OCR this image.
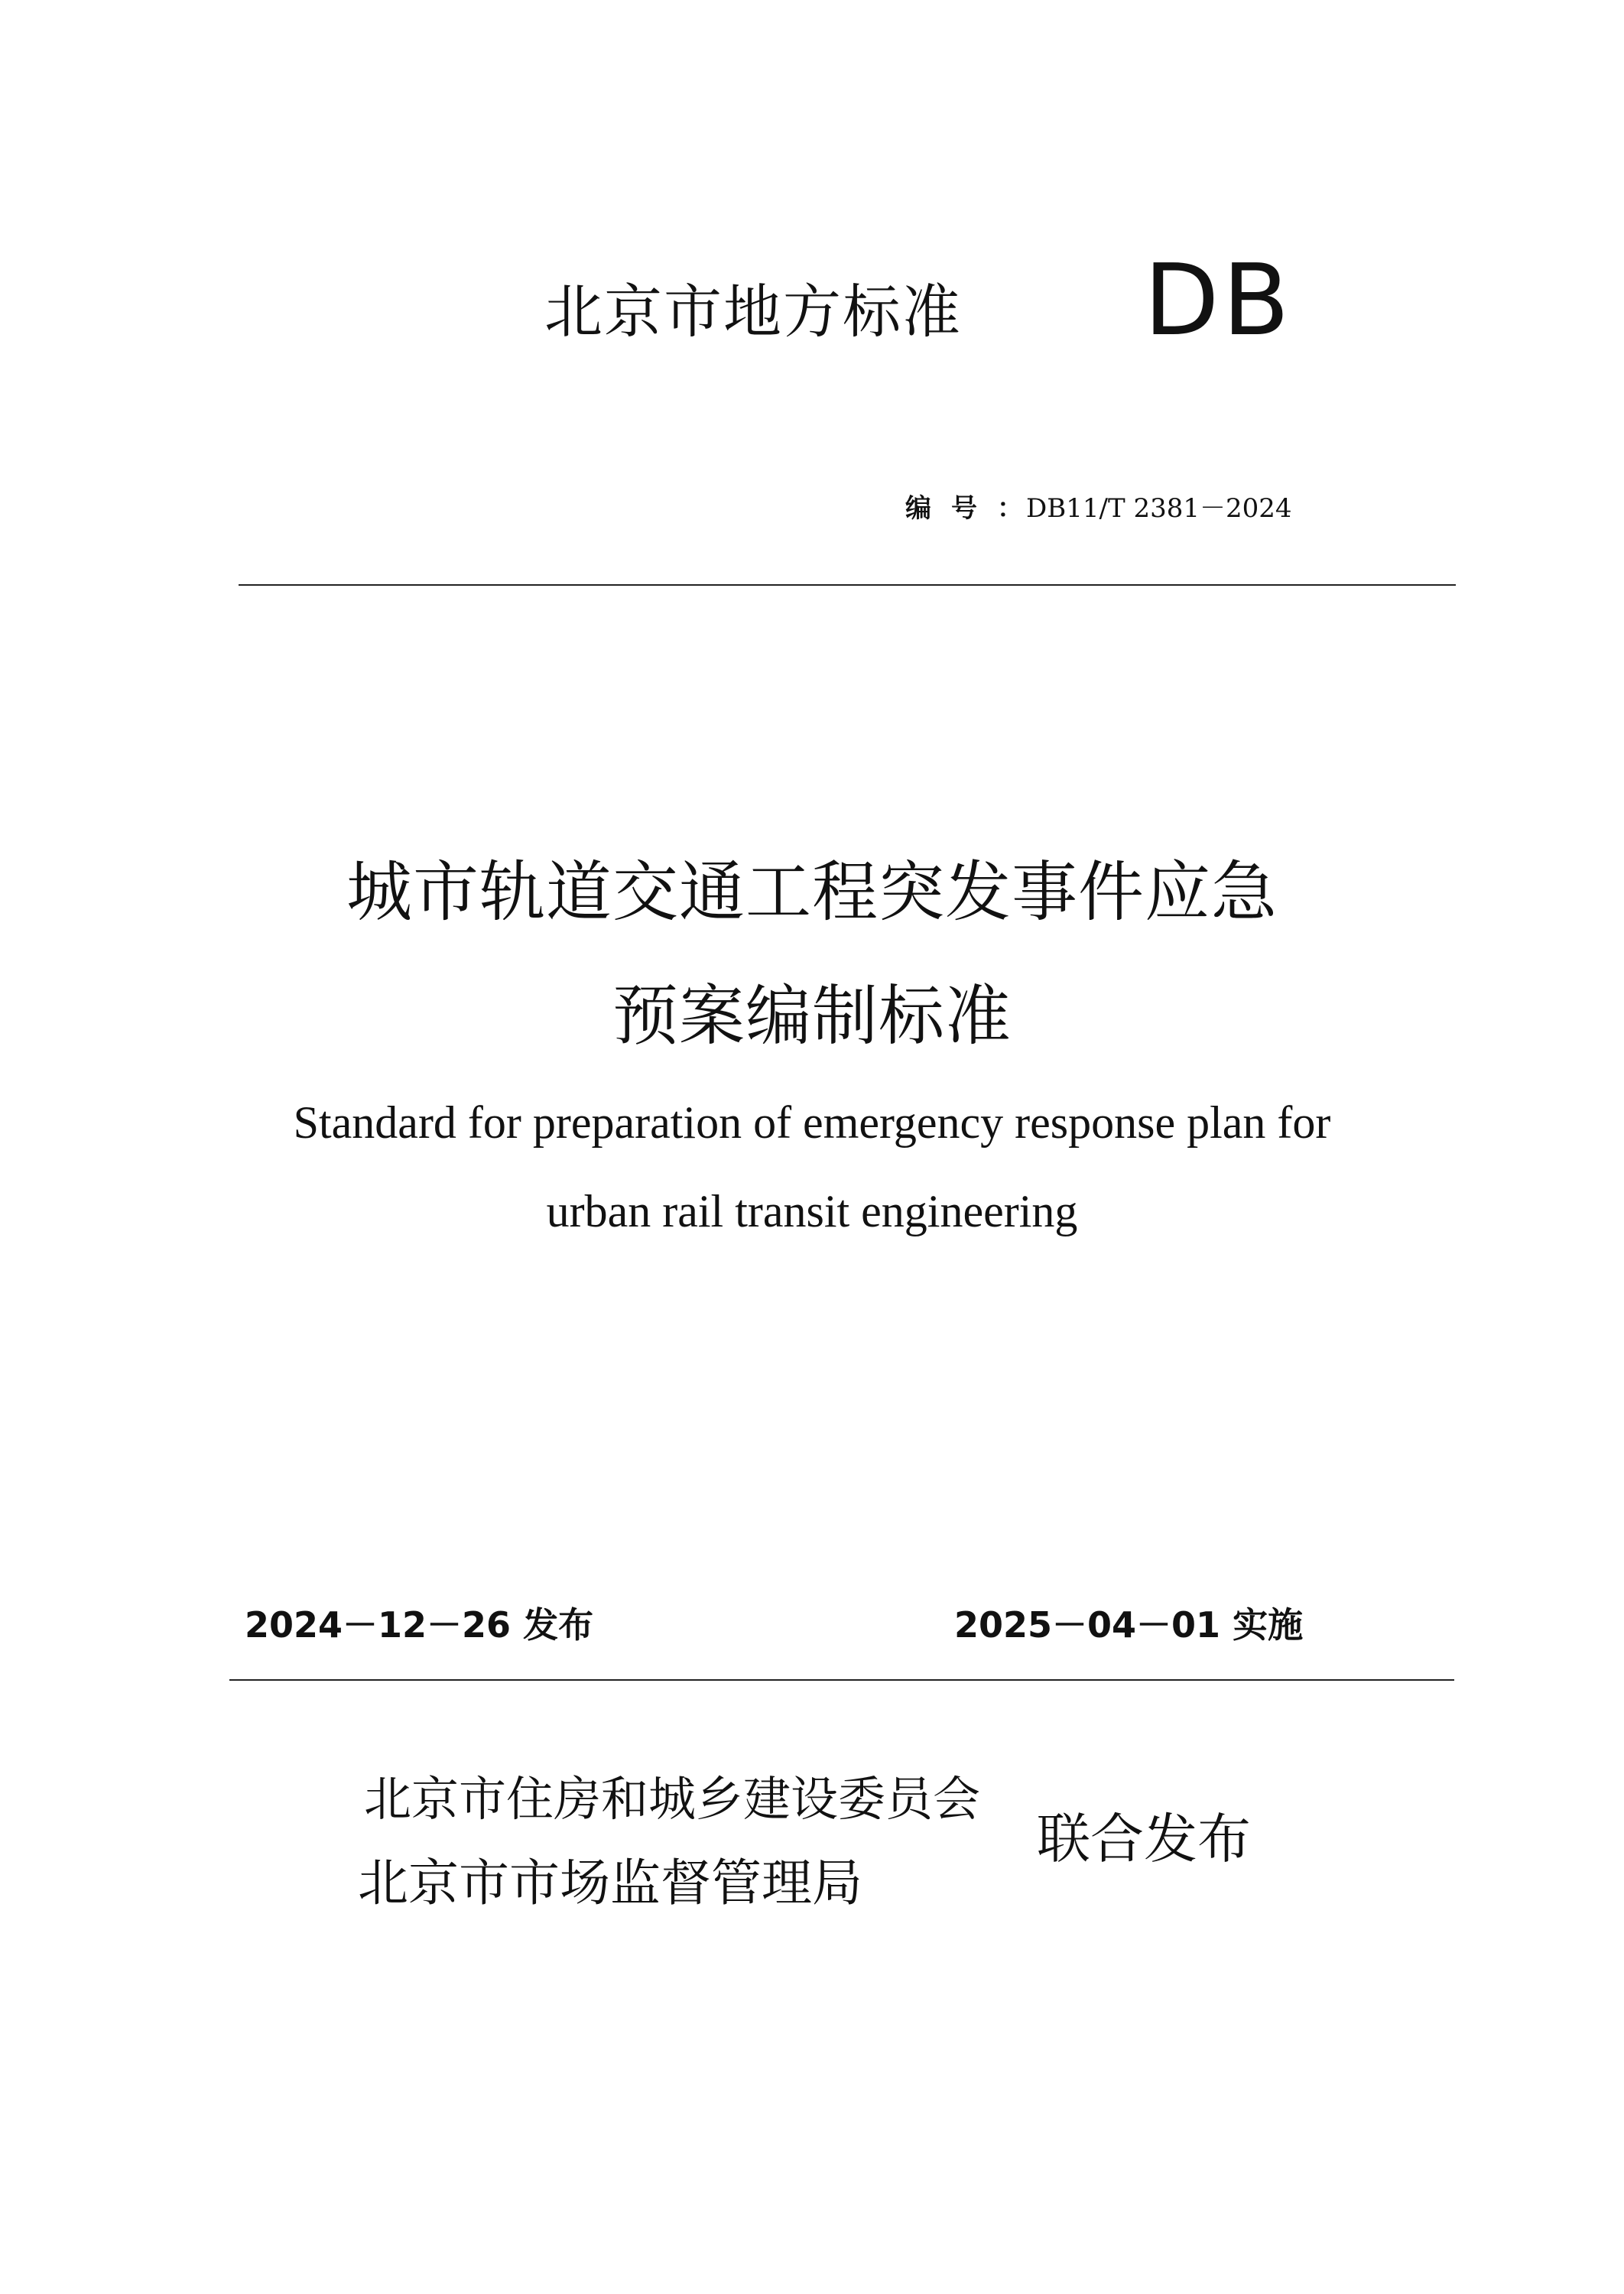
北京市地方标准 DB
编号： DB11/T 2381－2024
城市轨道交通工程突发事件应急
预案编制标准
Standard for preparation of emergency response plan for
urban rail transit engineering
2024－12－26 发布	2025－04－01 实施
北京市住房和城乡建设委员会
北京市市场监督管理局
联合发布
